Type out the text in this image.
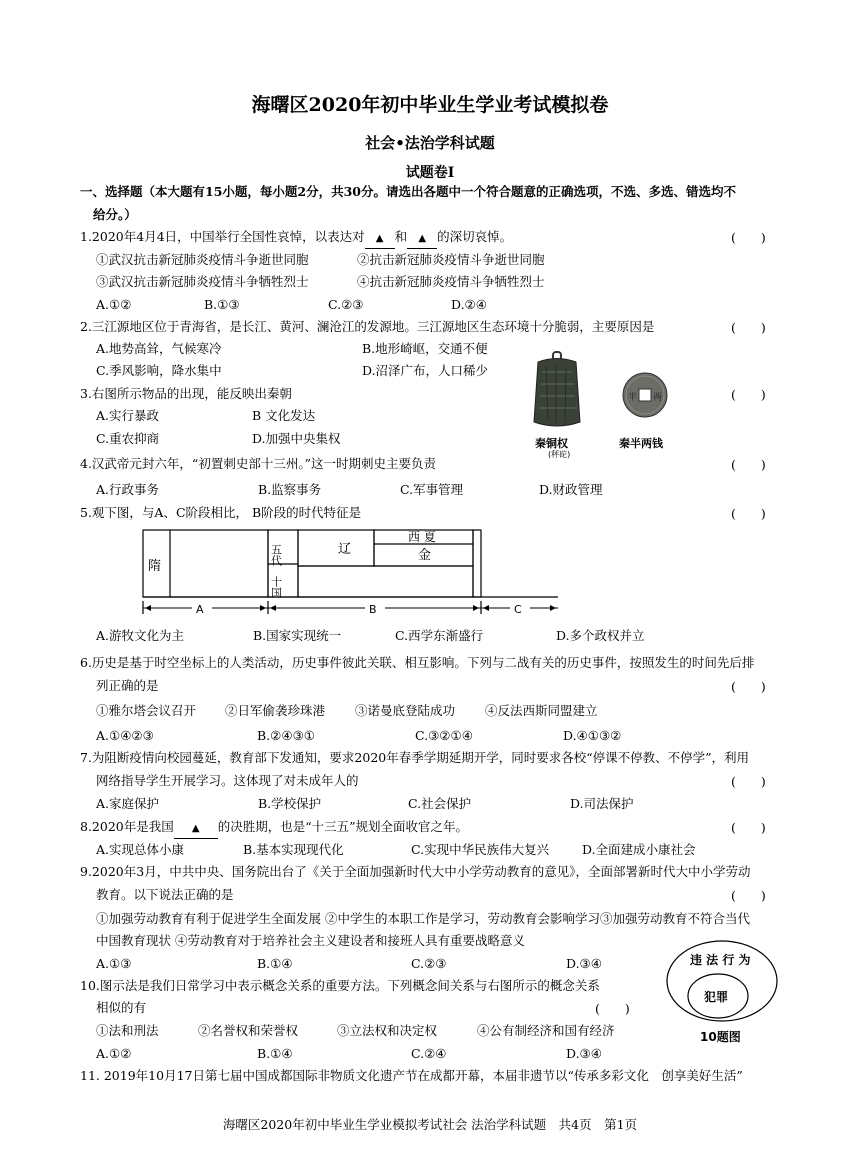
海曙区2020年初中毕业生学业考试模拟卷
社会•法治学科试题
试题卷Ⅰ
一、选择题（本大题有15小题，每小题2分，共30分。请选出各题中一个符合题意的正确选项，不选、多选、错选均不
给分。）
1.2020年4月4日，中国举行全国性哀悼，以表达对 ▲ 和 ▲ 的深切哀悼。	(　　)
①武汉抗击新冠肺炎疫情斗争逝世同胞	②抗击新冠肺炎疫情斗争逝世同胞
③武汉抗击新冠肺炎疫情斗争牺牲烈士	④抗击新冠肺炎疫情斗争牺牲烈士
A.①②	B.①③	C.②③	D.②④
2.三江源地区位于青海省，是长江、黄河、澜沧江的发源地。三江源地区生态环境十分脆弱，主要原因是	(　　)
A.地势高耸，气候寒冷	B.地形崎岖，交通不便
C.季风影响，降水集中	D.沼泽广布，人口稀少
3.右图所示物品的出现，能反映出秦朝	(　　)
A.实行暴政	B 文化发达
C.重农抑商	D.加强中央集权
半 两
秦铜权
(秤砣)
秦半两钱
4.汉武帝元封六年，“初置刺史部十三州。”这一时期刺史主要负责	(　　)
A.行政事务	B.监察事务	C.军事管理	D.财政管理
5.观下图，与A、C阶段相比， B阶段的时代特征是	(　　)
隋
五代
十国
辽
西 夏
金
A	B	C
A.游牧文化为主	B.国家实现统一	C.西学东渐盛行	D.多个政权并立
6.历史是基于时空坐标上的人类活动，历史事件彼此关联、相互影响。下列与二战有关的历史事件，按照发生的时间先后排
列正确的是	(　　)
①雅尔塔会议召开 ②日军偷袭珍珠港 ③诺曼底登陆成功 ④反法西斯同盟建立
A.①④②③	B.②④③①	C.③②①④	D.④①③②
7.为阻断疫情向校园蔓延，教育部下发通知，要求2020年春季学期延期开学，同时要求各校“停课不停教、不停学”，利用
网络指导学生开展学习。这体现了对未成年人的	(　　)
A.家庭保护	B.学校保护	C.社会保护	D.司法保护
8.2020年是我国 ▲ 的决胜期，也是“十三五”规划全面收官之年。	(　　)
A.实现总体小康	B.基本实现现代化	C.实现中华民族伟大复兴	D.全面建成小康社会
9.2020年3月，中共中央、国务院出台了《关于全面加强新时代大中小学劳动教育的意见》，全面部署新时代大中小学劳动
教育。以下说法正确的是	(　　)
①加强劳动教育有利于促进学生全面发展 ②中学生的本职工作是学习，劳动教育会影响学习③加强劳动教育不符合当代
中国教育现状 ④劳动教育对于培养社会主义建设者和接班人具有重要战略意义
A.①③	B.①④	C.②③	D.③④
10.图示法是我们日常学习中表示概念关系的重要方法。下列概念间关系与右图所示的概念关系
相似的有	(　　)
①法和刑法	②名誉权和荣誉权	③立法权和决定权	④公有制经济和国有经济
A.①②	B.①④	C.②④	D.③④
违 法 行 为
犯罪
10题图
11. 2019年10月17日第七届中国成都国际非物质文化遗产节在成都开幕，本届非遗节以“传承多彩文化　创享美好生活”
海曙区2020年初中毕业生学业模拟考试社会 法治学科试题　共4页　第1页
